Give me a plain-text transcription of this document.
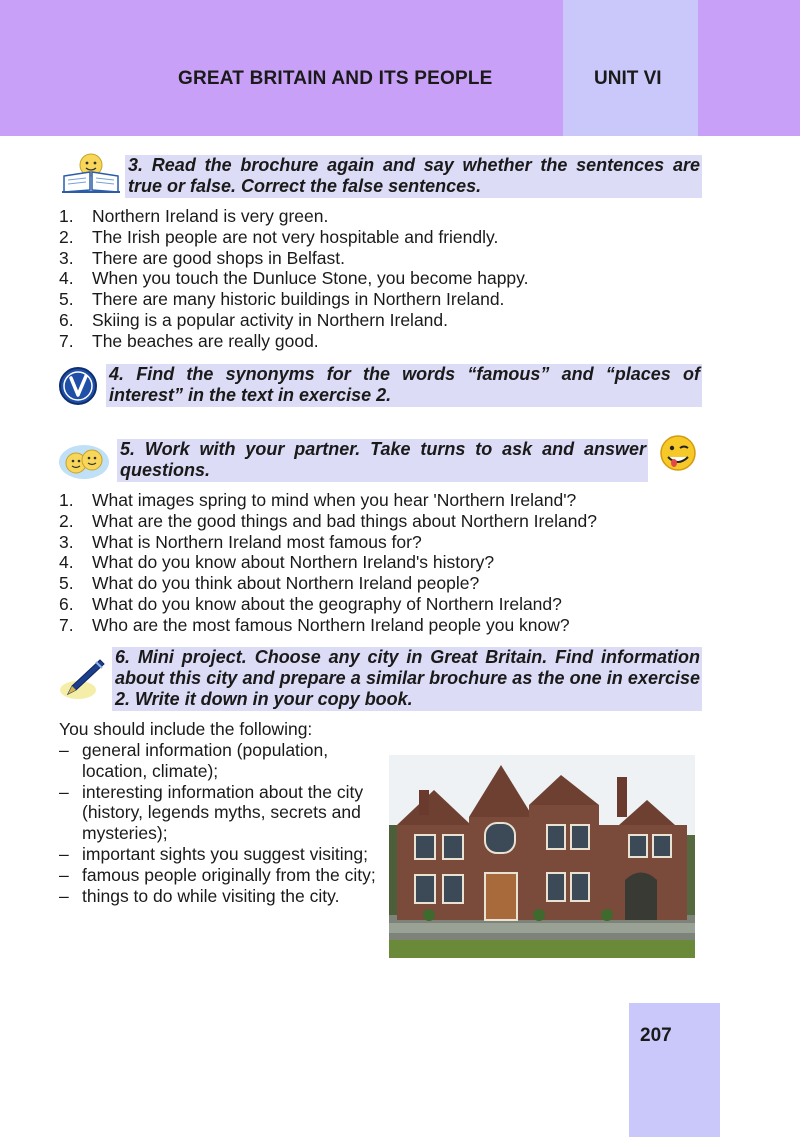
GREAT BRITAIN AND ITS PEOPLE	UNIT VI
3. Read the brochure again and say whether the sentences are true or false. Correct the false sentences.
1. Northern Ireland is very green.
2. The Irish people are not very hospitable and friendly.
3. There are good shops in Belfast.
4. When you touch the Dunluce Stone, you become happy.
5. There are many historic buildings in Northern Ireland.
6. Skiing is a popular activity in Northern Ireland.
7. The beaches are really good.
4. Find the synonyms for the words “famous” and “places of interest” in the text in exercise 2.
5. Work with your partner. Take turns to ask and answer questions.
1. What images spring to mind when you hear 'Northern Ireland'?
2. What are the good things and bad things about Northern Ireland?
3. What is Northern Ireland most famous for?
4. What do you know about Northern Ireland's history?
5. What do you think about Northern Ireland people?
6. What do you know about the geography of Northern Ireland?
7. Who are the most famous Northern Ireland people you know?
6. Mini project. Choose any city in Great Britain. Find information about this city and prepare a similar brochure as the one in exercise 2. Write it down in your copy book.
You should include the following:
– general information (population, location, climate);
– interesting information about the city (history, legends myths, secrets and mysteries);
– important sights you suggest visiting;
– famous people originally from the city;
– things to do while visiting the city.
207
